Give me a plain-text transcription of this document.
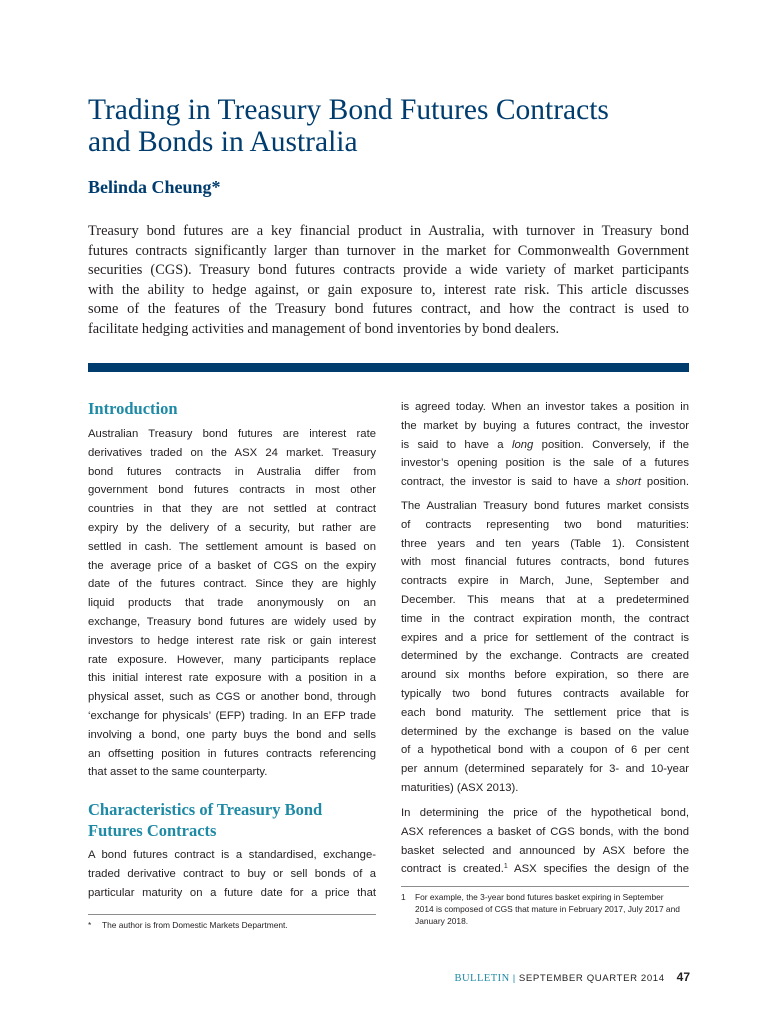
Trading in Treasury Bond Futures Contracts
and Bonds in Australia
Belinda Cheung*
Treasury bond futures are a key financial product in Australia, with turnover in Treasury bond
futures contracts significantly larger than turnover in the market for Commonwealth Government
securities (CGS). Treasury bond futures contracts provide a wide variety of market participants
with the ability to hedge against, or gain exposure to, interest rate risk. This article discusses
some of the features of the Treasury bond futures contract, and how the contract is used to
facilitate hedging activities and management of bond inventories by bond dealers.
Introduction
Australian Treasury bond futures are interest rate
derivatives traded on the ASX 24 market. Treasury
bond futures contracts in Australia differ from
government bond futures contracts in most other
countries in that they are not settled at contract
expiry by the delivery of a security, but rather are
settled in cash. The settlement amount is based on
the average price of a basket of CGS on the expiry
date of the futures contract. Since they are highly
liquid products that trade anonymously on an
exchange, Treasury bond futures are widely used by
investors to hedge interest rate risk or gain interest
rate exposure. However, many participants replace
this initial interest rate exposure with a position in a
physical asset, such as CGS or another bond, through
‘exchange for physicals’ (EFP) trading. In an EFP trade
involving a bond, one party buys the bond and sells
an offsetting position in futures contracts referencing
that asset to the same counterparty.
Characteristics of Treasury Bond
Futures Contracts
A bond futures contract is a standardised, exchange-
traded derivative contract to buy or sell bonds of a
particular maturity on a future date for a price that
* The author is from Domestic Markets Department.
is agreed today. When an investor takes a position in
the market by buying a futures contract, the investor
is said to have a long position. Conversely, if the
investor’s opening position is the sale of a futures
contract, the investor is said to have a short position.
The Australian Treasury bond futures market consists
of contracts representing two bond maturities:
three years and ten years (Table 1). Consistent
with most financial futures contracts, bond futures
contracts expire in March, June, September and
December. This means that at a predetermined
time in the contract expiration month, the contract
expires and a price for settlement of the contract is
determined by the exchange. Contracts are created
around six months before expiration, so there are
typically two bond futures contracts available for
each bond maturity. The settlement price that is
determined by the exchange is based on the value
of a hypothetical bond with a coupon of 6 per cent
per annum (determined separately for 3- and 10-year
maturities) (ASX 2013).
In determining the price of the hypothetical bond,
ASX references a basket of CGS bonds, with the bond
basket selected and announced by ASX before the
contract is created.$^1$ ASX specifies the design of the
1 For example, the 3-year bond futures basket expiring in September
2014 is composed of CGS that mature in February 2017, July 2017 and
January 2018.
BULLETIN | SEPTEMBER QUARTER 2014 47
